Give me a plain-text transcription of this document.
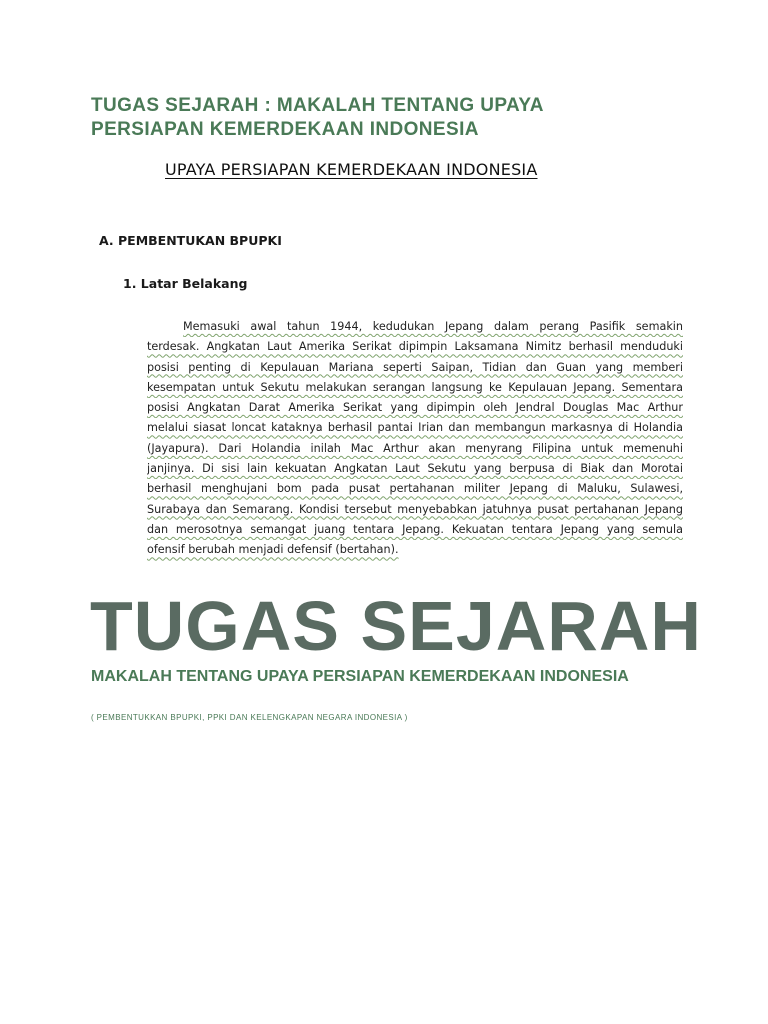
TUGAS SEJARAH : MAKALAH TENTANG UPAYA PERSIAPAN KEMERDEKAAN INDONESIA
UPAYA PERSIAPAN KEMERDEKAAN INDONESIA
A. PEMBENTUKAN BPUPKI
1. Latar Belakang
Memasuki awal tahun 1944, kedudukan Jepang dalam perang Pasifik semakin
terdesak. Angkatan Laut Amerika Serikat dipimpin Laksamana Nimitz berhasil menduduki
posisi penting di Kepulauan Mariana seperti Saipan, Tidian dan Guan yang memberi
kesempatan untuk Sekutu melakukan serangan langsung ke Kepulauan Jepang. Sementara
posisi Angkatan Darat Amerika Serikat yang dipimpin oleh Jendral Douglas Mac Arthur
melalui siasat loncat kataknya berhasil pantai Irian dan membangun markasnya di Holandia
(Jayapura). Dari Holandia inilah Mac Arthur akan menyrang Filipina untuk memenuhi
janjinya. Di sisi lain kekuatan Angkatan Laut Sekutu yang berpusa di Biak dan Morotai
berhasil menghujani bom pada pusat pertahanan militer Jepang di Maluku, Sulawesi,
Surabaya dan Semarang. Kondisi tersebut menyebabkan jatuhnya pusat pertahanan Jepang
dan merosotnya semangat juang tentara Jepang. Kekuatan tentara Jepang yang semula
ofensif berubah menjadi defensif (bertahan).
TUGAS SEJARAH
MAKALAH TENTANG UPAYA PERSIAPAN KEMERDEKAAN INDONESIA
( PEMBENTUKKAN BPUPKI, PPKI DAN KELENGKAPAN NEGARA INDONESIA )
